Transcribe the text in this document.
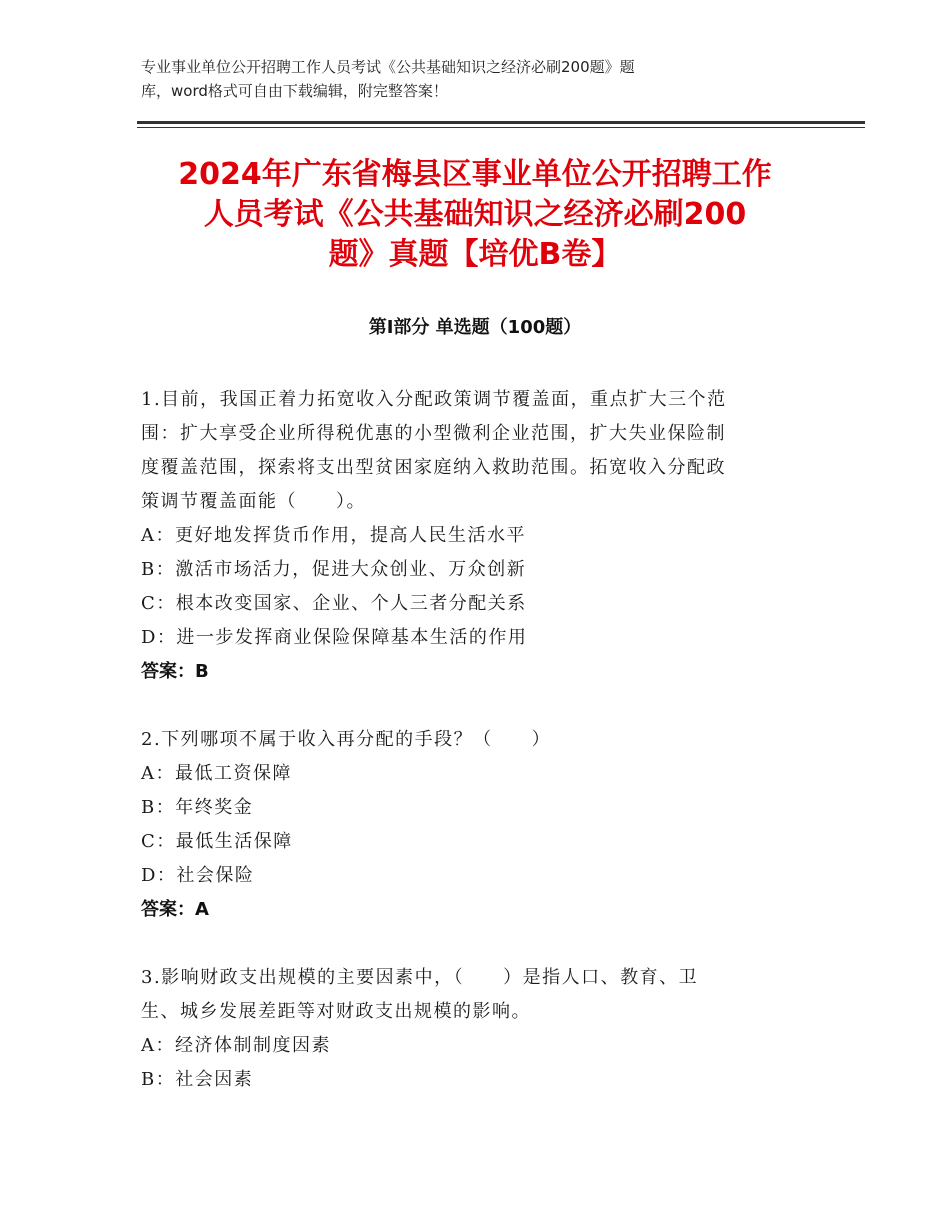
专业事业单位公开招聘工作人员考试《公共基础知识之经济必刷200题》题
库，word格式可自由下载编辑，附完整答案！
2024年广东省梅县区事业单位公开招聘工作
人员考试《公共基础知识之经济必刷200
题》真题【培优B卷】
第Ⅰ部分 单选题（100题）
1.目前，我国正着力拓宽收入分配政策调节覆盖面，重点扩大三个范
围：扩大享受企业所得税优惠的小型微利企业范围，扩大失业保险制
度覆盖范围，探索将支出型贫困家庭纳入救助范围。拓宽收入分配政
策调节覆盖面能（　　）。
A：更好地发挥货币作用，提高人民生活水平
B：激活市场活力，促进大众创业、万众创新
C：根本改变国家、企业、个人三者分配关系
D：进一步发挥商业保险保障基本生活的作用
答案：B
2.下列哪项不属于收入再分配的手段？（　　）
A：最低工资保障
B：年终奖金
C：最低生活保障
D：社会保险
答案：A
3.影响财政支出规模的主要因素中，（　　）是指人口、教育、卫
生、城乡发展差距等对财政支出规模的影响。
A：经济体制制度因素
B：社会因素
